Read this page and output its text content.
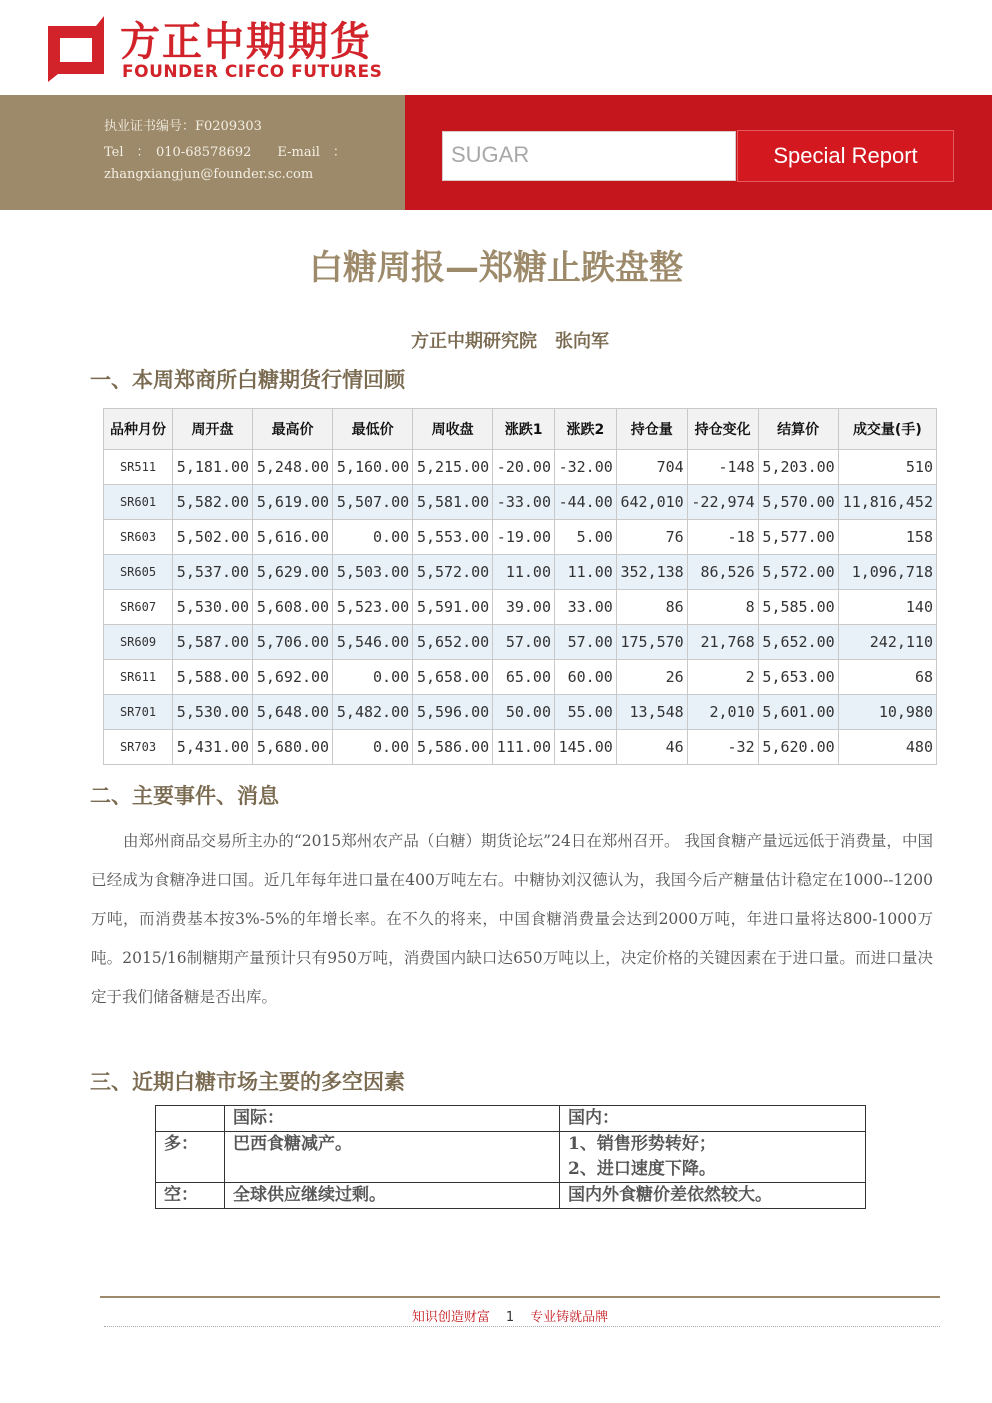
方正中期期货
FOUNDER CIFCO FUTURES
执业证书编号：F0209303
Tel　：　010-68578692　　E-mail　：
zhangxiangjun@founder.sc.com
SUGAR	Special Report
白糖周报—郑糖止跌盘整
方正中期研究院　张向军
一、本周郑商所白糖期货行情回顾
品种月份	周开盘	最高价	最低价	周收盘	涨跌1	涨跌2	持仓量	持仓变化	结算价	成交量(手)
SR511	5,181.00	5,248.00	5,160.00	5,215.00	-20.00	-32.00	704	-148	5,203.00	510
SR601	5,582.00	5,619.00	5,507.00	5,581.00	-33.00	-44.00	642,010	-22,974	5,570.00	11,816,452
SR603	5,502.00	5,616.00	0.00	5,553.00	-19.00	5.00	76	-18	5,577.00	158
SR605	5,537.00	5,629.00	5,503.00	5,572.00	11.00	11.00	352,138	86,526	5,572.00	1,096,718
SR607	5,530.00	5,608.00	5,523.00	5,591.00	39.00	33.00	86	8	5,585.00	140
SR609	5,587.00	5,706.00	5,546.00	5,652.00	57.00	57.00	175,570	21,768	5,652.00	242,110
SR611	5,588.00	5,692.00	0.00	5,658.00	65.00	60.00	26	2	5,653.00	68
SR701	5,530.00	5,648.00	5,482.00	5,596.00	50.00	55.00	13,548	2,010	5,601.00	10,980
SR703	5,431.00	5,680.00	0.00	5,586.00	111.00	145.00	46	-32	5,620.00	480
二、主要事件、消息
由郑州商品交易所主办的“2015郑州农产品（白糖）期货论坛”24日在郑州召开。 我国食糖产量远远低于消费量，中国已经成为食糖净进口国。近几年每年进口量在400万吨左右。中糖协刘汉德认为，我国今后产糖量估计稳定在1000--1200万吨，而消费基本按3%-5%的年增长率。在不久的将来，中国食糖消费量会达到2000万吨，年进口量将达800-1000万吨。2015/16制糖期产量预计只有950万吨，消费国内缺口达650万吨以上，决定价格的关键因素在于进口量。而进口量决定于我们储备糖是否出库。
三、近期白糖市场主要的多空因素
	国际：	国内：
多：	巴西食糖减产。	1、销售形势转好；
2、进口速度下降。

空：	全球供应继续过剩。	国内外食糖价差依然较大。
知识创造财富 1 专业铸就品牌
